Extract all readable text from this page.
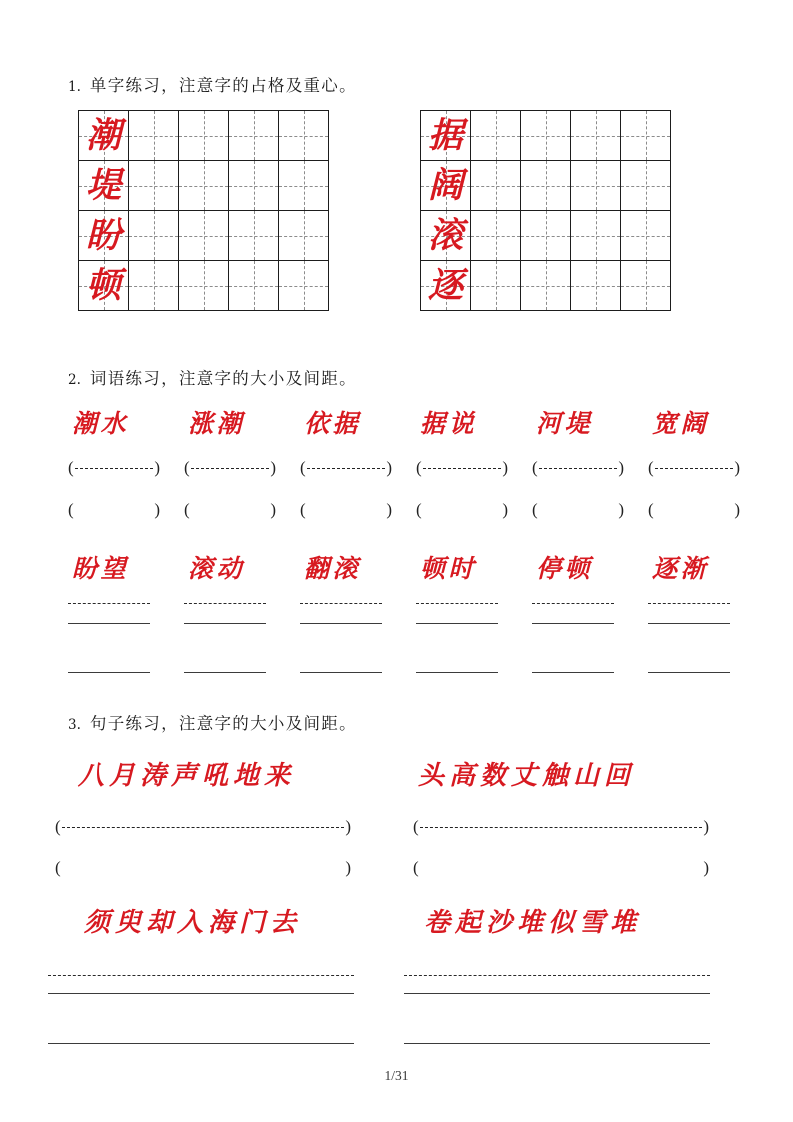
1. 单字练习，注意字的占格及重心。
潮
堤
盼
顿
据
阔
滚
逐
2. 词语练习，注意字的大小及间距。
潮水	涨潮	依据	据说	河堤	宽阔
(	) (	) (	) (	) (	) (	)
(	) (	) (	) (	) (	) (	)
盼望	滚动	翻滚	顿时	停顿	逐渐
3. 句子练习，注意字的大小及间距。
八月涛声吼地来	头高数丈触山回
(	)
(	)
(	)
(	)
须臾却入海门去	卷起沙堆似雪堆
1/31
